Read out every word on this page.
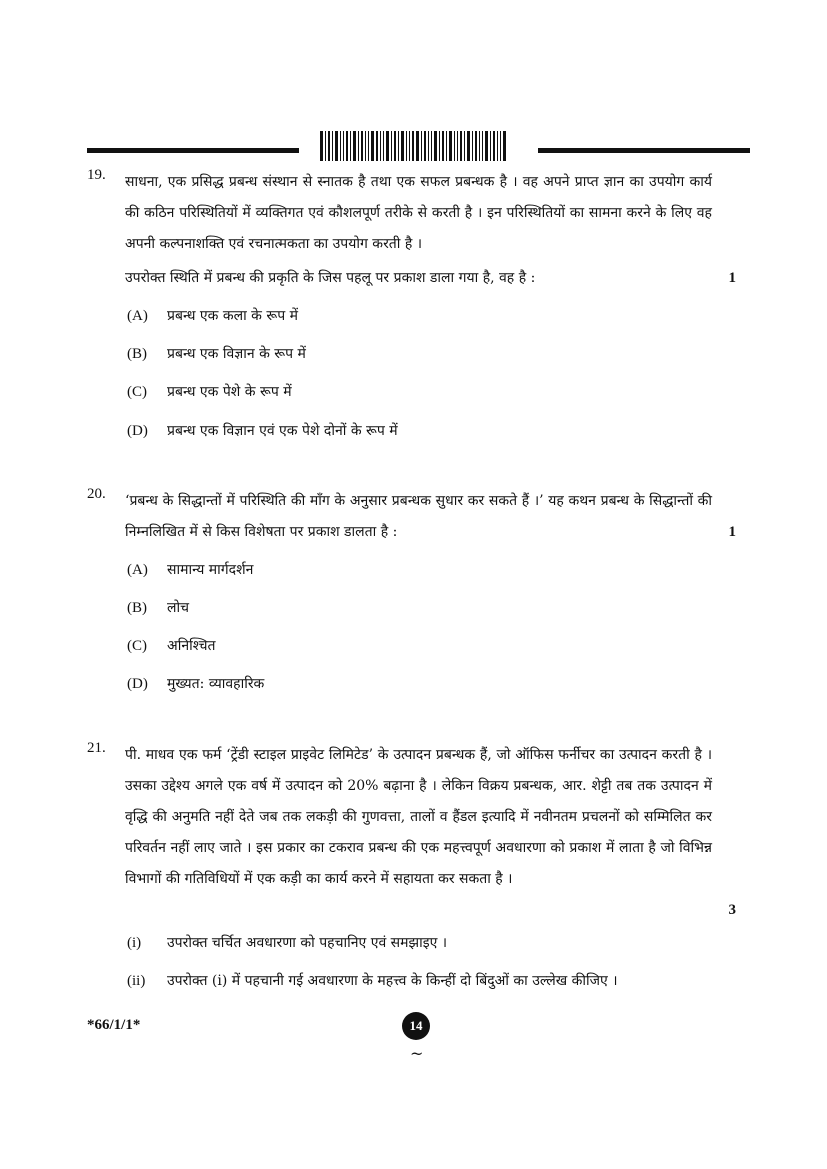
19. साधना, एक प्रसिद्ध प्रबन्ध संस्थान से स्नातक है तथा एक सफल प्रबन्धक है । वह अपने प्राप्त ज्ञान का उपयोग कार्य की कठिन परिस्थितियों में व्यक्तिगत एवं कौशलपूर्ण तरीके से करती है । इन परिस्थितियों का सामना करने के लिए वह अपनी कल्पनाशक्ति एवं रचनात्मकता का उपयोग करती है ।
उपरोक्त स्थिति में प्रबन्ध की प्रकृति के जिस पहलू पर प्रकाश डाला गया है, वह है :	1
(A) प्रबन्ध एक कला के रूप में
(B) प्रबन्ध एक विज्ञान के रूप में
(C) प्रबन्ध एक पेशे के रूप में
(D) प्रबन्ध एक विज्ञान एवं एक पेशे दोनों के रूप में
20. ‘प्रबन्ध के सिद्धान्तों में परिस्थिति की माँग के अनुसार प्रबन्धक सुधार कर सकते हैं ।’ यह कथन प्रबन्ध के सिद्धान्तों की निम्नलिखित में से किस विशेषता पर प्रकाश डालता है :	1
(A) सामान्य मार्गदर्शन
(B) लोच
(C) अनिश्चित
(D) मुख्यत: व्यावहारिक
21. पी. माधव एक फर्म ‘ट्रेंडी स्टाइल प्राइवेट लिमिटेड’ के उत्पादन प्रबन्धक हैं, जो ऑफिस फर्नीचर का उत्पादन करती है । उसका उद्देश्य अगले एक वर्ष में उत्पादन को 20% बढ़ाना है । लेकिन विक्रय प्रबन्धक, आर. शेट्टी तब तक उत्पादन में वृद्धि की अनुमति नहीं देते जब तक लकड़ी की गुणवत्ता, तालों व हैंडल इत्यादि में नवीनतम प्रचलनों को सम्मिलित कर परिवर्तन नहीं लाए जाते । इस प्रकार का टकराव प्रबन्ध की एक महत्त्वपूर्ण अवधारणा को प्रकाश में लाता है जो विभिन्न विभागों की गतिविधियों में एक कड़ी का कार्य करने में सहायता कर सकता है ।
3
(i) उपरोक्त चर्चित अवधारणा को पहचानिए एवं समझाइए ।
(ii) उपरोक्त (i) में पहचानी गई अवधारणा के महत्त्व के किन्हीं दो बिंदुओं का उल्लेख कीजिए ।
*66/1/1*	14
~
